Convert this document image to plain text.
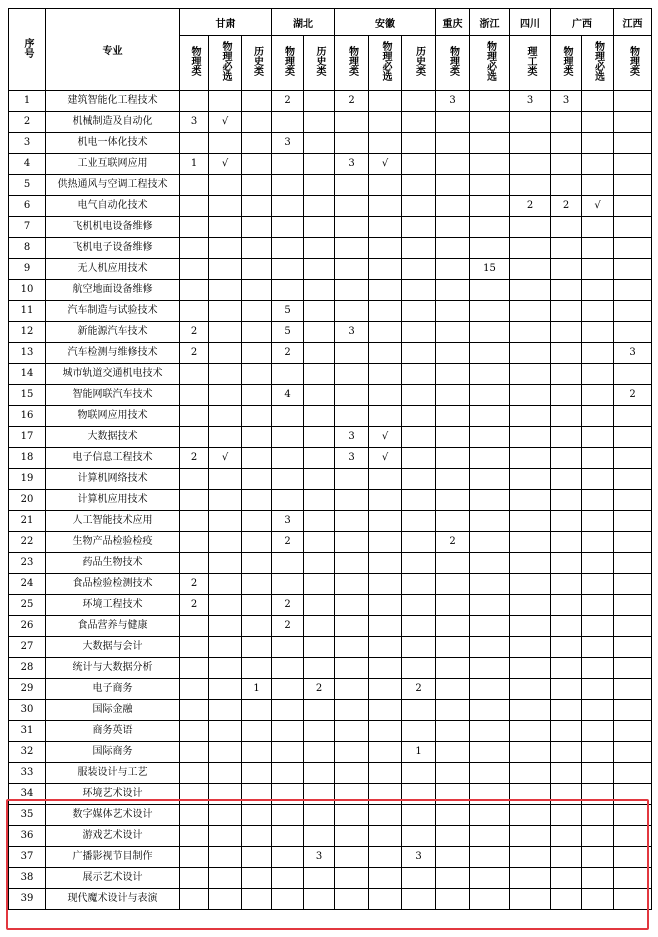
序号	专业	甘肃			湖北		安徽			重庆	浙江	四川	广西		江西
		物理类	物理必选	历史类	物理类	历史类	物理类	物理必选	历史类	物理类	物理必选	理工类	物理类	物理必选	物理类
1	建筑智能化工程技术				2		2			3		3	3		
2	机械制造及自动化	3	√												
3	机电一体化技术				3										
4	工业互联网应用	1	√				3	√							
5	供热通风与空调工程技术														
6	电气自动化技术											2	2	√	
7	飞机机电设备维修														
8	飞机电子设备维修														
9	无人机应用技术										15				
10	航空地面设备维修														
11	汽车制造与试验技术				5										
12	新能源汽车技术	2			5		3								
13	汽车检测与维修技术	2			2										3
14	城市轨道交通机电技术														
15	智能网联汽车技术				4										2
16	物联网应用技术														
17	大数据技术						3	√							
18	电子信息工程技术	2	√				3	√							
19	计算机网络技术														
20	计算机应用技术														
21	人工智能技术应用				3										
22	生物产品检验检疫				2					2					
23	药品生物技术														
24	食品检验检测技术	2													
25	环境工程技术	2			2										
26	食品营养与健康				2										
27	大数据与会计														
28	统计与大数据分析														
29	电子商务			1		2			2						
30	国际金融														
31	商务英语														
32	国际商务								1						
33	服装设计与工艺														
34	环境艺术设计														
35	数字媒体艺术设计														
36	游戏艺术设计														
37	广播影视节目制作					3			3						
38	展示艺术设计														
39	现代魔术设计与表演														
